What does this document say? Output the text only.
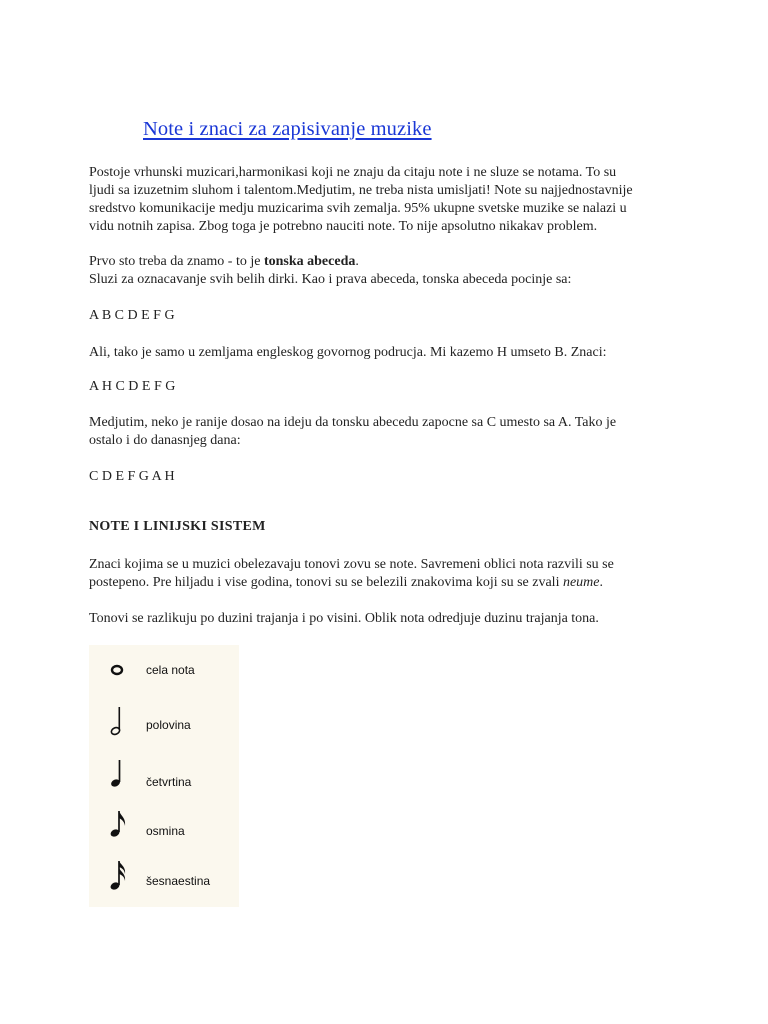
Note i znaci za zapisivanje muzike
Postoje vrhunski muzicari,harmonikasi koji ne znaju da citaju note i ne sluze se notama. To su
ljudi sa izuzetnim sluhom i talentom.Medjutim, ne treba nista umisljati! Note su najjednostavnije
sredstvo komunikacije medju muzicarima svih zemalja. 95% ukupne svetske muzike se nalazi u
vidu notnih zapisa. Zbog toga je potrebno nauciti note. To nije apsolutno nikakav problem.
Prvo sto treba da znamo - to je tonska abeceda.
Sluzi za oznacavanje svih belih dirki. Kao i prava abeceda, tonska abeceda pocinje sa:
A B C D E F G
Ali, tako je samo u zemljama engleskog govornog podrucja. Mi kazemo H umseto B. Znaci:
A H C D E F G
Medjutim, neko je ranije dosao na ideju da tonsku abecedu zapocne sa C umesto sa A. Tako je
ostalo i do danasnjeg dana:
C D E F G A H
NOTE I LINIJSKI SISTEM
Znaci kojima se u muzici obelezavaju tonovi zovu se note. Savremeni oblici nota razvili su se
postepeno. Pre hiljadu i vise godina, tonovi su se belezili znakovima koji su se zvali neume.
Tonovi se razlikuju po duzini trajanja i po visini. Oblik nota odredjuje duzinu trajanja tona.
cela nota
polovina
četvrtina
osmina
šesnaestina
